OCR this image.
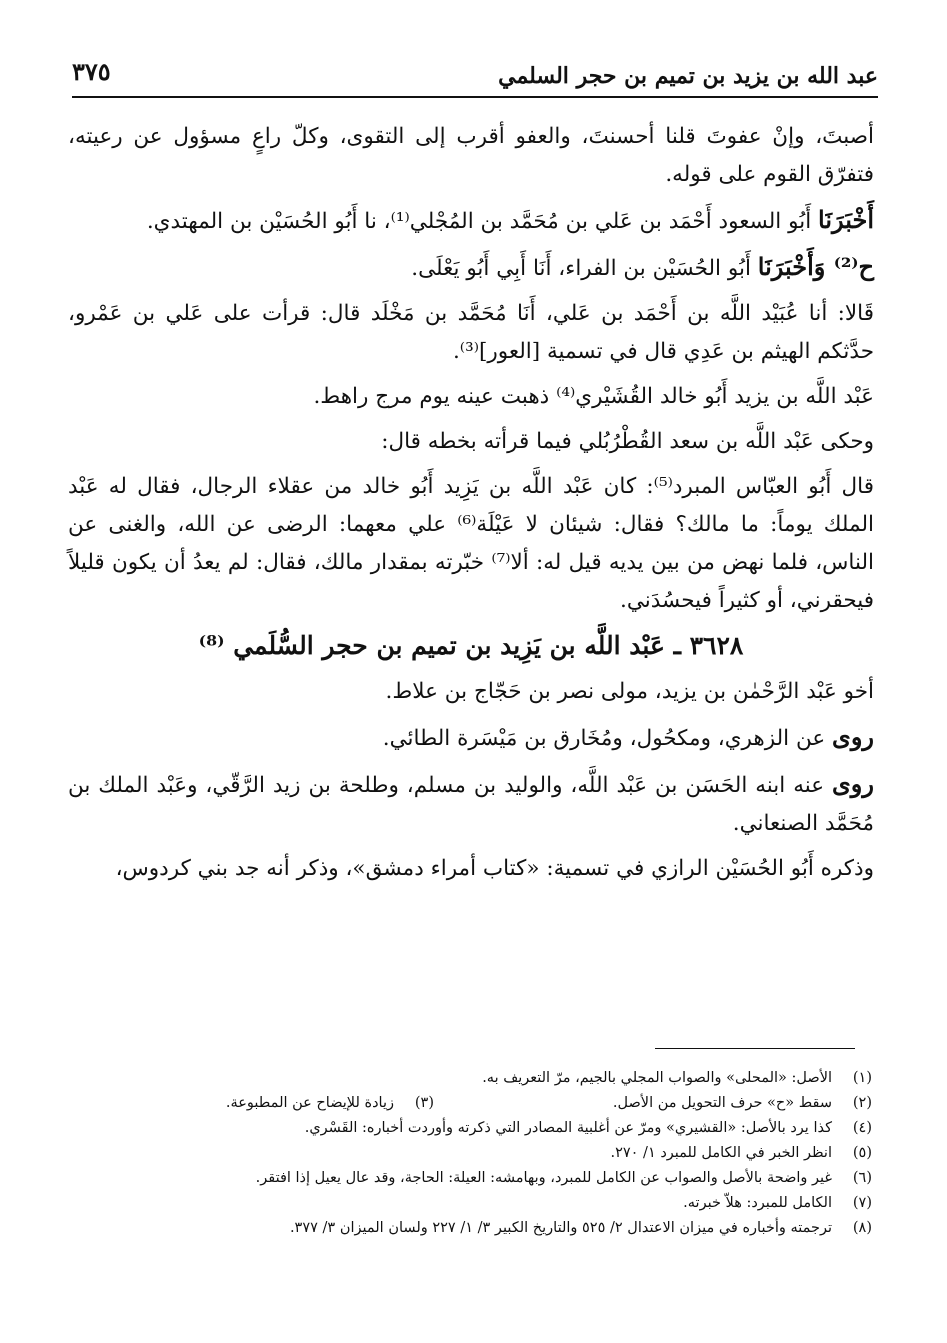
عبد الله بن يزيد بن تميم بن حجر السلمي
٣٧٥

أصبتَ، وإنْ عفوتَ قلنا أحسنتَ، والعفو أقرب إلى التقوى، وكلّ راعٍ مسؤول عن رعيته، فتفرّق القوم على قوله.

أَخْبَرَنَا أَبُو السعود أَحْمَد بن عَلي بن مُحَمَّد بن المُجْلي⁽¹⁾، نا أَبُو الحُسَيْن بن المهتدي.

ح⁽²⁾ وَأَخْبَرَنَا أَبُو الحُسَيْن بن الفراء، أَنَا أَبِي أَبُو يَعْلَى.

قَالا: أنا عُبَيْد اللَّه بن أَحْمَد بن عَلي، أَنَا مُحَمَّد بن مَخْلَد قال: قرأت على عَلي بن عَمْرو، حدَّثكم الهيثم بن عَدِي قال في تسمية [العور]⁽³⁾.

عَبْد اللَّه بن يزيد أَبُو خالد القُشَيْري⁽⁴⁾ ذهبت عينه يوم مرج راهط.

وحكى عَبْد اللَّه بن سعد القُطْرُبُلي فيما قرأته بخطه قال:

قال أَبُو العبّاس المبرد⁽⁵⁾: كان عَبْد اللَّه بن يَزِيد أَبُو خالد من عقلاء الرجال، فقال له عَبْد الملك يوماً: ما مالك؟ فقال: شيئان لا عَيْلَة⁽⁶⁾ علي معهما: الرضى عن الله، والغنى عن الناس، فلما نهض من بين يديه قيل له: ألا⁽⁷⁾ خبّرته بمقدار مالك، فقال: لم يعدُ أن يكون قليلاً فيحقرني، أو كثيراً فيحسُدَني.

٣٦٢٨ ـ عَبْد اللَّه بن يَزِيد بن تميم بن حجر السُّلَمي ⁽⁸⁾

أخو عَبْد الرَّحْمٰن بن يزيد، مولى نصر بن حَجّاج بن علاط.

روى عن الزهري، ومكحُول، ومُخَارق بن مَيْسَرة الطائي.

روى عنه ابنه الحَسَن بن عَبْد اللَّه، والوليد بن مسلم، وطلحة بن زيد الرَّقّي، وعَبْد الملك بن مُحَمَّد الصنعاني.

وذكره أَبُو الحُسَيْن الرازي في تسمية: «كتاب أمراء دمشق»، وذكر أنه جد بني كردوس،

(١)
الأصل: «المحلى» والصواب المجلي بالجيم، مرّ التعريف به.
(٢)
سقط «ح» حرف التحويل من الأصل.
(٣)
زيادة للإيضاح عن المطبوعة.
(٤)
كذا يرد بالأصل: «القشيري» ومرّ عن أغلبية المصادر التي ذكرته وأوردت أخباره: القَسْري.
(٥)
انظر الخبر في الكامل للمبرد ١/ ٢٧٠.
(٦)
غير واضحة بالأصل والصواب عن الكامل للمبرد، وبهامشه: العيلة: الحاجة، وقد عال يعيل إذا افتقر.
(٧)
الكامل للمبرد: هلاّ خبرته.
(٨)
ترجمته وأخباره في ميزان الاعتدال ٢/ ٥٢٥ والتاريخ الكبير ٣/ ١/ ٢٢٧ ولسان الميزان ٣/ ٣٧٧.
